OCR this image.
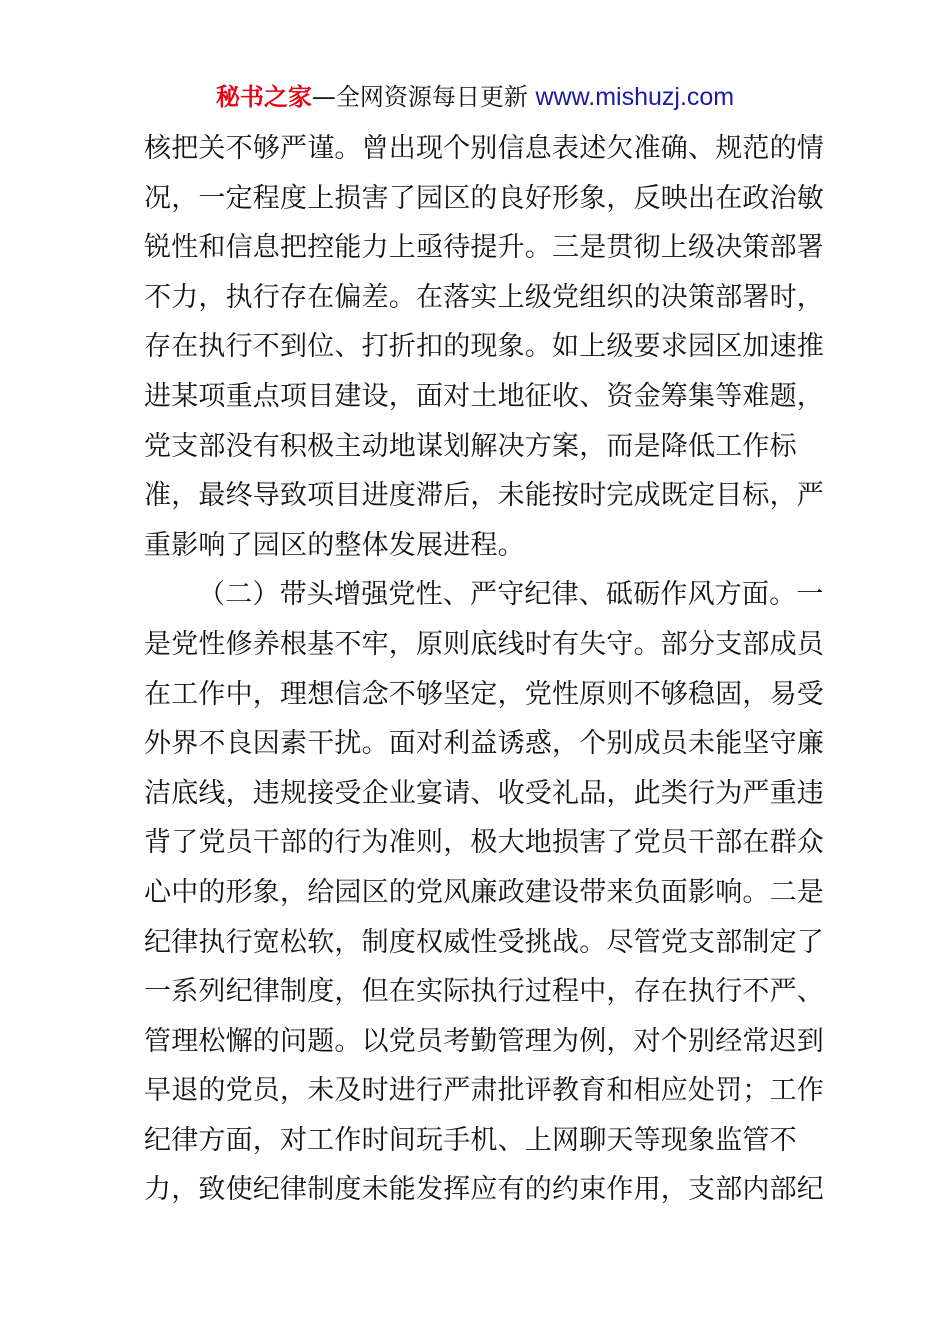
秘书之家—全网资源每日更新 www.mishuzj.com
核把关不够严谨。曾出现个别信息表述欠准确、规范的情
况，一定程度上损害了园区的良好形象，反映出在政治敏
锐性和信息把控能力上亟待提升。三是贯彻上级决策部署
不力，执行存在偏差。在落实上级党组织的决策部署时，
存在执行不到位、打折扣的现象。如上级要求园区加速推
进某项重点项目建设，面对土地征收、资金筹集等难题，
党支部没有积极主动地谋划解决方案，而是降低工作标
准，最终导致项目进度滞后，未能按时完成既定目标，严
重影响了园区的整体发展进程。
（二）带头增强党性、严守纪律、砥砺作风方面。一
是党性修养根基不牢，原则底线时有失守。部分支部成员
在工作中，理想信念不够坚定，党性原则不够稳固，易受
外界不良因素干扰。面对利益诱惑，个别成员未能坚守廉
洁底线，违规接受企业宴请、收受礼品，此类行为严重违
背了党员干部的行为准则，极大地损害了党员干部在群众
心中的形象，给园区的党风廉政建设带来负面影响。二是
纪律执行宽松软，制度权威性受挑战。尽管党支部制定了
一系列纪律制度，但在实际执行过程中，存在执行不严、
管理松懈的问题。以党员考勤管理为例，对个别经常迟到
早退的党员，未及时进行严肃批评教育和相应处罚；工作
纪律方面，对工作时间玩手机、上网聊天等现象监管不
力，致使纪律制度未能发挥应有的约束作用，支部内部纪
